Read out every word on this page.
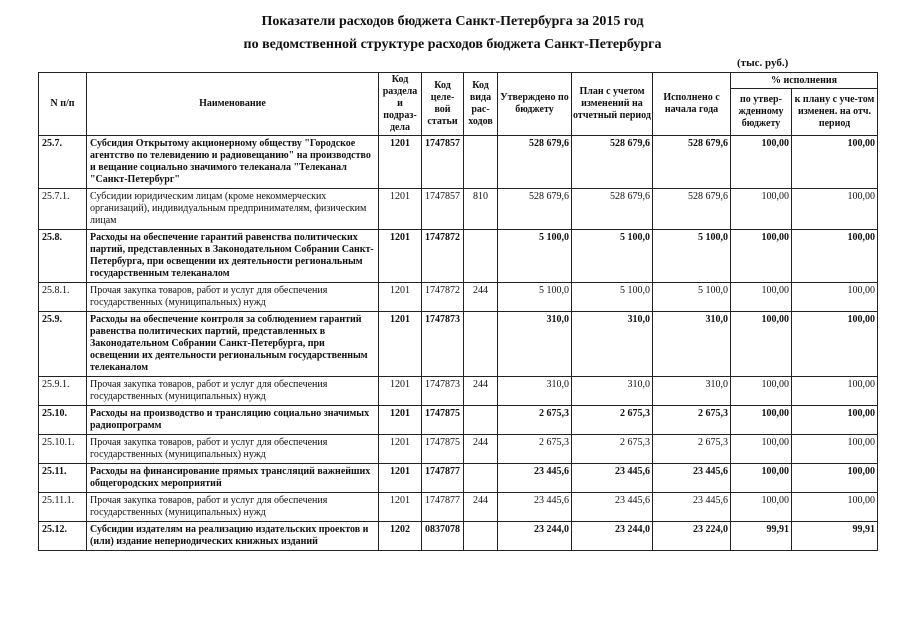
Показатели расходов бюджета Санкт-Петербурга за 2015 год
по ведомственной структуре расходов бюджета Санкт-Петербурга
(тыс. руб.)
N п/п	Наименование	Код раздела и подраз-дела	Код целе-вой статьи	Код вида рас-ходов	Утверждено по бюджету	План с учетом изменений на отчетный период	Исполнено с начала года	% исполнения	
								по утвер-жденному бюджету	к плану с уче-том изменен. на отч. период
25.7.	Субсидия Открытому акционерному обществу "Городское агентство по телевидению и радиовещанию" на производство и вещание социально значимого телеканала "Телеканал "Санкт-Петербург"	1201	1747857		528 679,6	528 679,6	528 679,6	100,00	100,00
25.7.1.	Субсидии юридическим лицам (кроме некоммерческих организаций), индивидуальным предпринимателям, физическим лицам	1201	1747857	810	528 679,6	528 679,6	528 679,6	100,00	100,00
25.8.	Расходы на обеспечение гарантий равенства политических партий, представленных в Законодательном Собрании Санкт-Петербурга, при освещении их деятельности региональным государственным телеканалом	1201	1747872		5 100,0	5 100,0	5 100,0	100,00	100,00
25.8.1.	Прочая закупка товаров, работ и услуг для обеспечения государственных (муниципальных) нужд	1201	1747872	244	5 100,0	5 100,0	5 100,0	100,00	100,00
25.9.	Расходы на обеспечение контроля за соблюдением гарантий равенства политических партий, представленных в Законодательном Собрании Санкт-Петербурга, при освещении их деятельности региональным государственным телеканалом	1201	1747873		310,0	310,0	310,0	100,00	100,00
25.9.1.	Прочая закупка товаров, работ и услуг для обеспечения государственных (муниципальных) нужд	1201	1747873	244	310,0	310,0	310,0	100,00	100,00
25.10.	Расходы на производство и трансляцию социально значимых радиопрограмм	1201	1747875		2 675,3	2 675,3	2 675,3	100,00	100,00
25.10.1.	Прочая закупка товаров, работ и услуг для обеспечения государственных (муниципальных) нужд	1201	1747875	244	2 675,3	2 675,3	2 675,3	100,00	100,00
25.11.	Расходы на финансирование прямых трансляций важнейших общегородских мероприятий	1201	1747877		23 445,6	23 445,6	23 445,6	100,00	100,00
25.11.1.	Прочая закупка товаров, работ и услуг для обеспечения государственных (муниципальных) нужд	1201	1747877	244	23 445,6	23 445,6	23 445,6	100,00	100,00
25.12.	Субсидии издателям на реализацию издательских проектов и (или) издание непериодических книжных изданий	1202	0837078		23 244,0	23 244,0	23 224,0	99,91	99,91
